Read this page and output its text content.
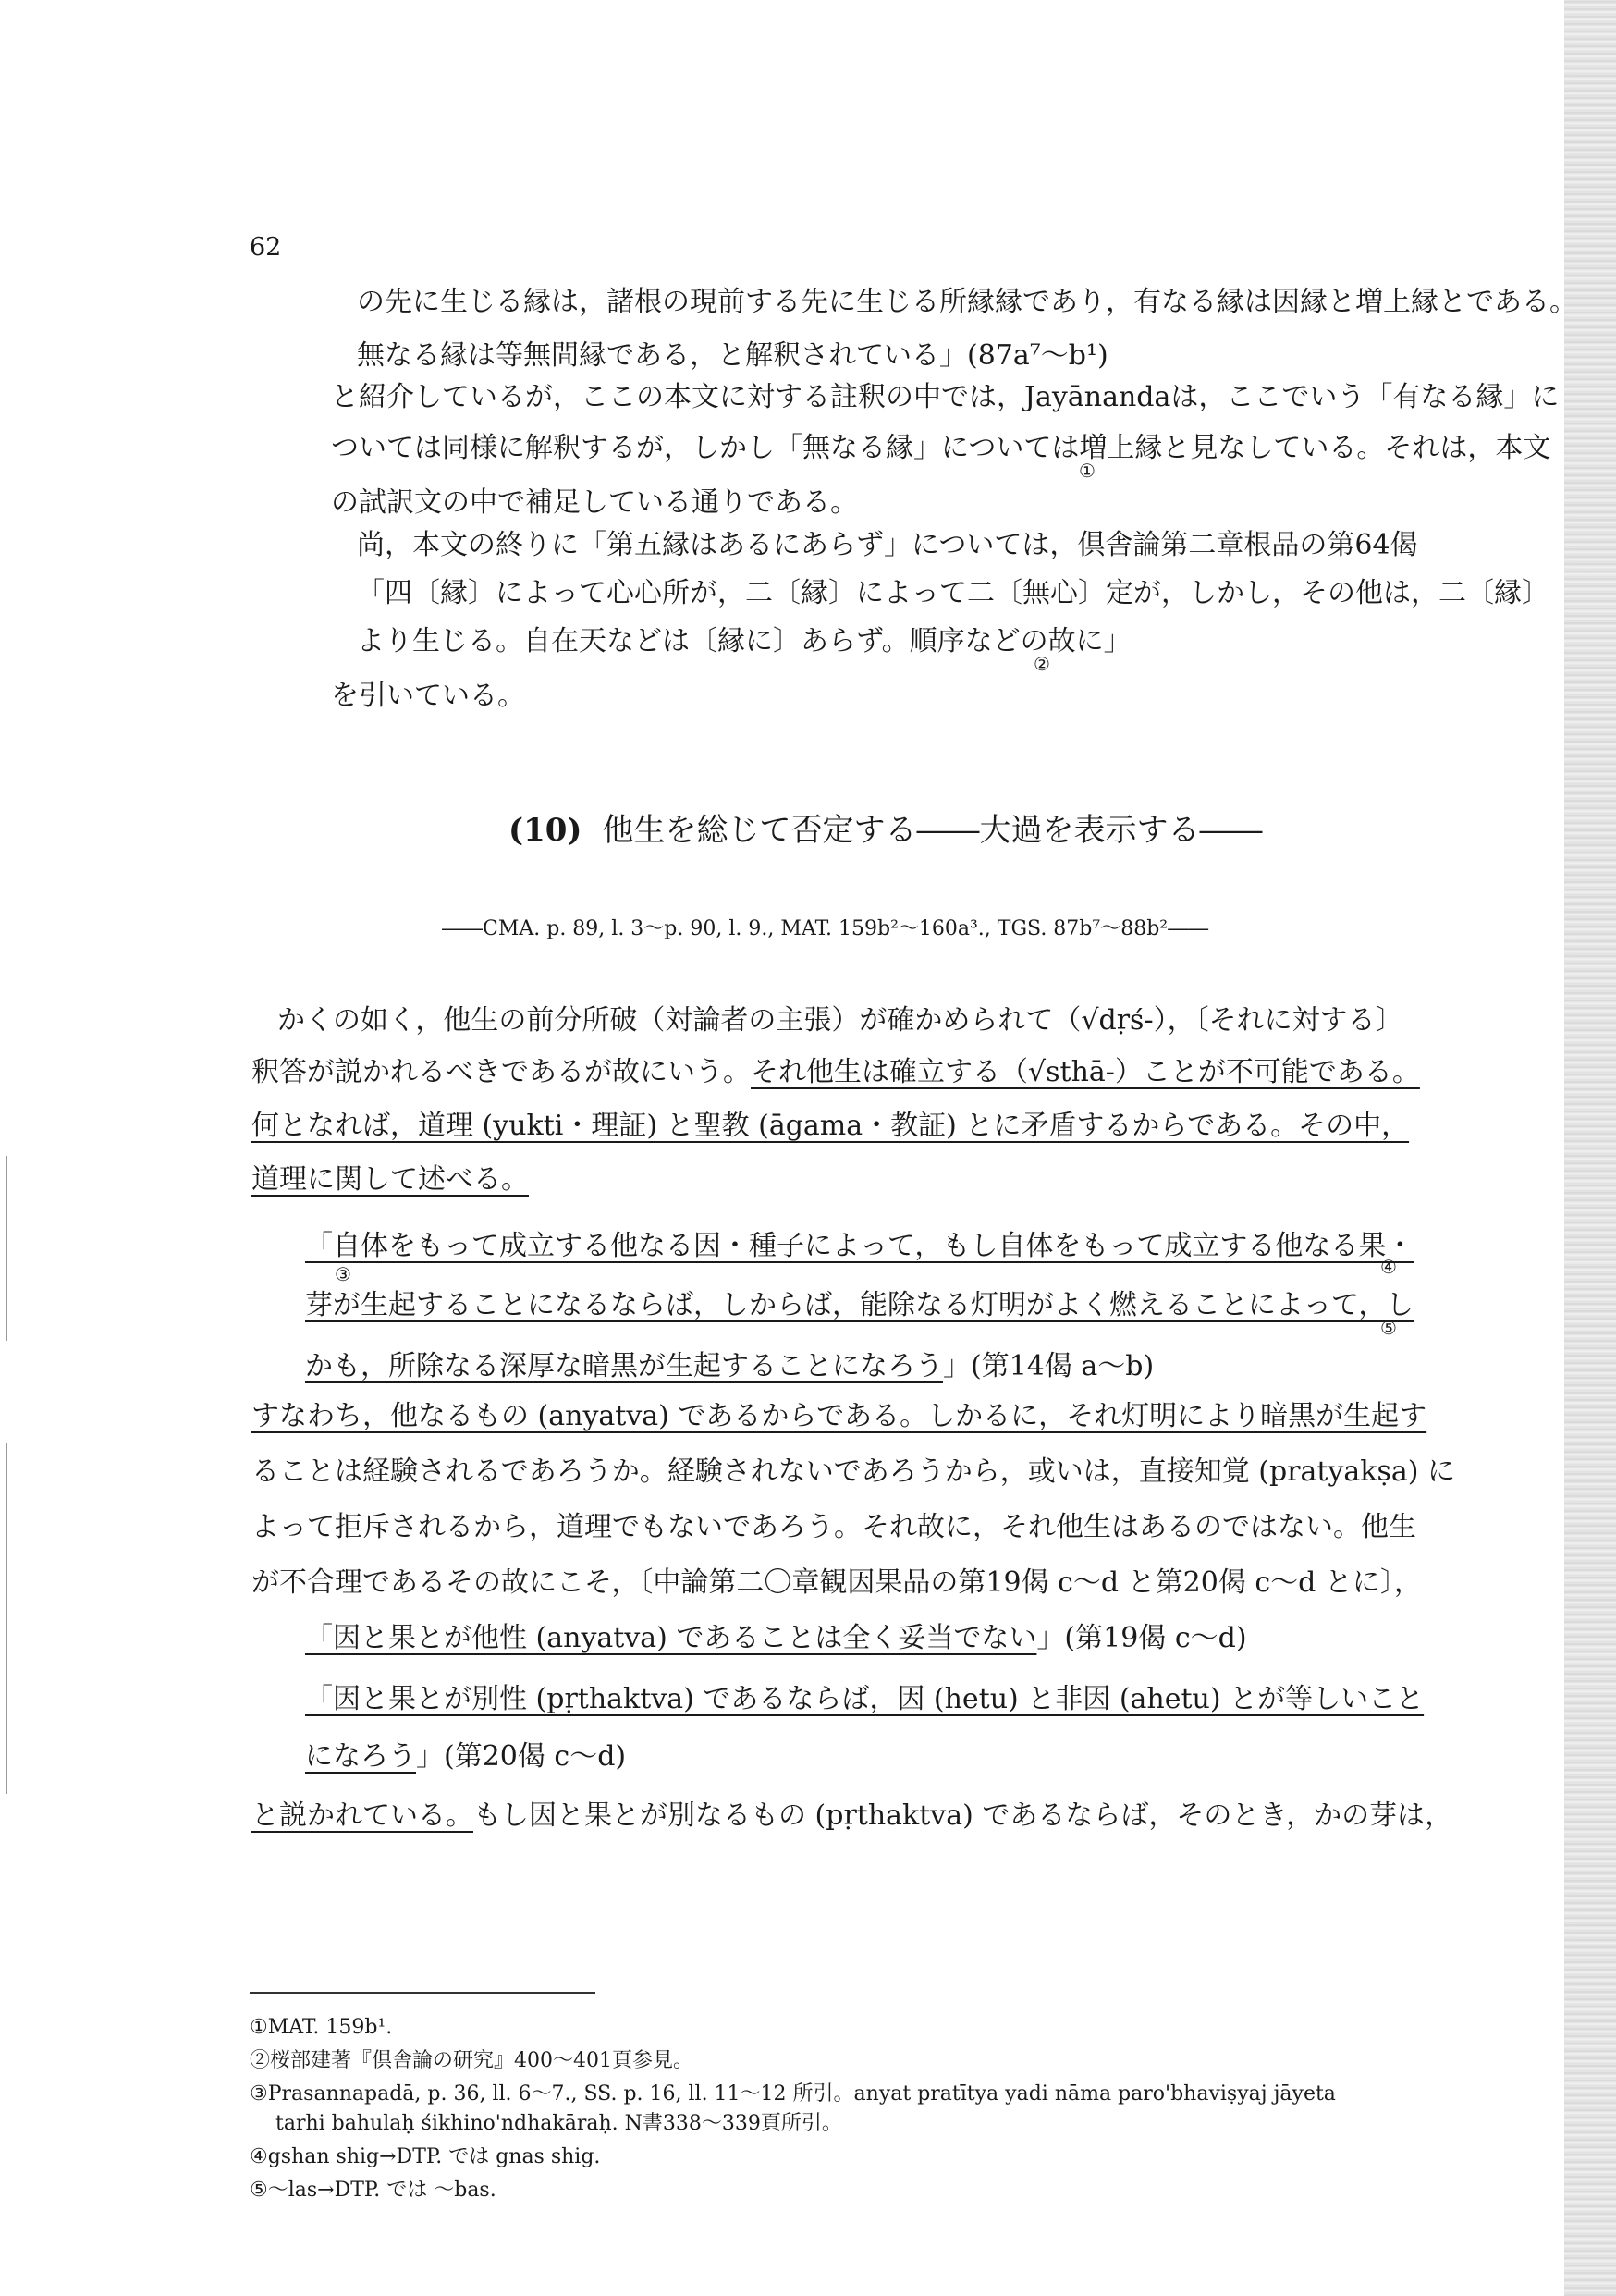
62
の先に生じる縁は，諸根の現前する先に生じる所縁縁であり，有なる縁は因縁と増上縁とである。
無なる縁は等無間縁である，と解釈されている」(87a⁷～b¹)
と紹介しているが，ここの本文に対する註釈の中では，Jayānandaは，ここでいう「有なる縁」に
ついては同様に解釈するが，しかし「無なる縁」については増上縁と見なしている。それは，本文
①
の試訳文の中で補足している通りである。
尚，本文の終りに「第五縁はあるにあらず」については，倶舎論第二章根品の第64偈
「四〔縁〕によって心心所が，二〔縁〕によって二〔無心〕定が，しかし，その他は，二〔縁〕
より生じる。自在天などは〔縁に〕あらず。順序などの故に」
②
を引いている。
(10) 他生を総じて否定する――大過を表示する――
――CMA. p. 89, l. 3～p. 90, l. 9., MAT. 159b²～160a³., TGS. 87b⁷～88b²――
かくの如く，他生の前分所破（対論者の主張）が確かめられて（√dṛś-），〔それに対する〕
釈答が説かれるべきであるが故にいう。それ他生は確立する（√sthā-）ことが不可能である。
何となれば，道理 (yukti・理証) と聖教 (āgama・教証) とに矛盾するからである。その中，
道理に関して述べる。
「自体をもって成立する他なる因・種子によって，もし自体をもって成立する他なる果・
③	④
芽が生起することになるならば，しからば，能除なる灯明がよく燃えることによって，し
⑤
かも，所除なる深厚な暗黒が生起することになろう」(第14偈 a～b)
すなわち，他なるもの (anyatva) であるからである。しかるに，それ灯明により暗黒が生起す
ることは経験されるであろうか。経験されないであろうから，或いは，直接知覚 (pratyakṣa) に
よって拒斥されるから，道理でもないであろう。それ故に，それ他生はあるのではない。他生
が不合理であるその故にこそ，〔中論第二〇章観因果品の第19偈 c～d と第20偈 c～d とに〕，
「因と果とが他性 (anyatva) であることは全く妥当でない」(第19偈 c～d)
「因と果とが別性 (pṛthaktva) であるならば，因 (hetu) と非因 (ahetu) とが等しいこと
になろう」(第20偈 c～d)
と説かれている。もし因と果とが別なるもの (pṛthaktva) であるならば，そのとき，かの芽は，
①MAT. 159b¹.
②桜部建著『倶舎論の研究』400～401頁参見。
③Prasannapadā, p. 36, ll. 6～7., SS. p. 16, ll. 11～12 所引。anyat pratītya yadi nāma paro'bhaviṣyaj jāyeta
tarhi bahulaḥ śikhino'ndhakāraḥ. N書338～339頁所引。
④gshan shig→DTP. では gnas shig.
⑤～las→DTP. では ～bas.
